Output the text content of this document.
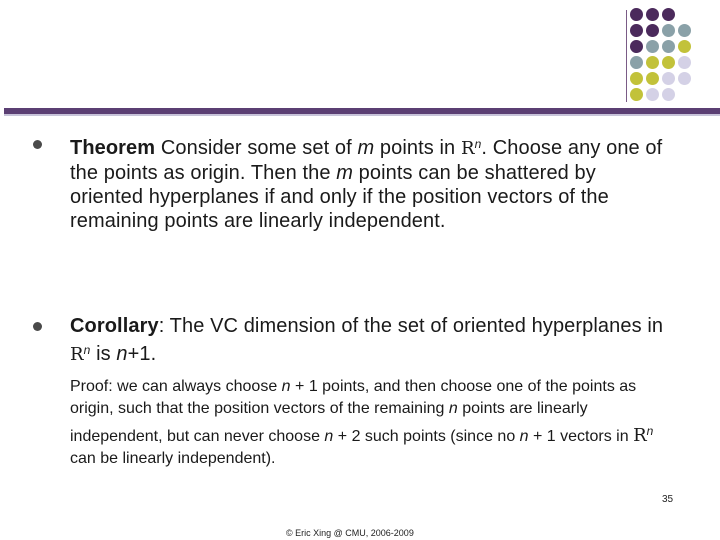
Theorem Consider some set of m points in $R^n$. Choose any one of the points as origin. Then the m points can be shattered by oriented hyperplanes if and only if the position vectors of the remaining points are linearly independent.
Corollary: The VC dimension of the set of oriented hyperplanes in $R^n$ is n+1.
Proof: we can always choose n + 1 points, and then choose one of the points as origin, such that the position vectors of the remaining n points are linearly independent, but can never choose n + 2 such points (since no n + 1 vectors in $R^n$ can be linearly independent).
35
© Eric Xing @ CMU, 2006-2009
